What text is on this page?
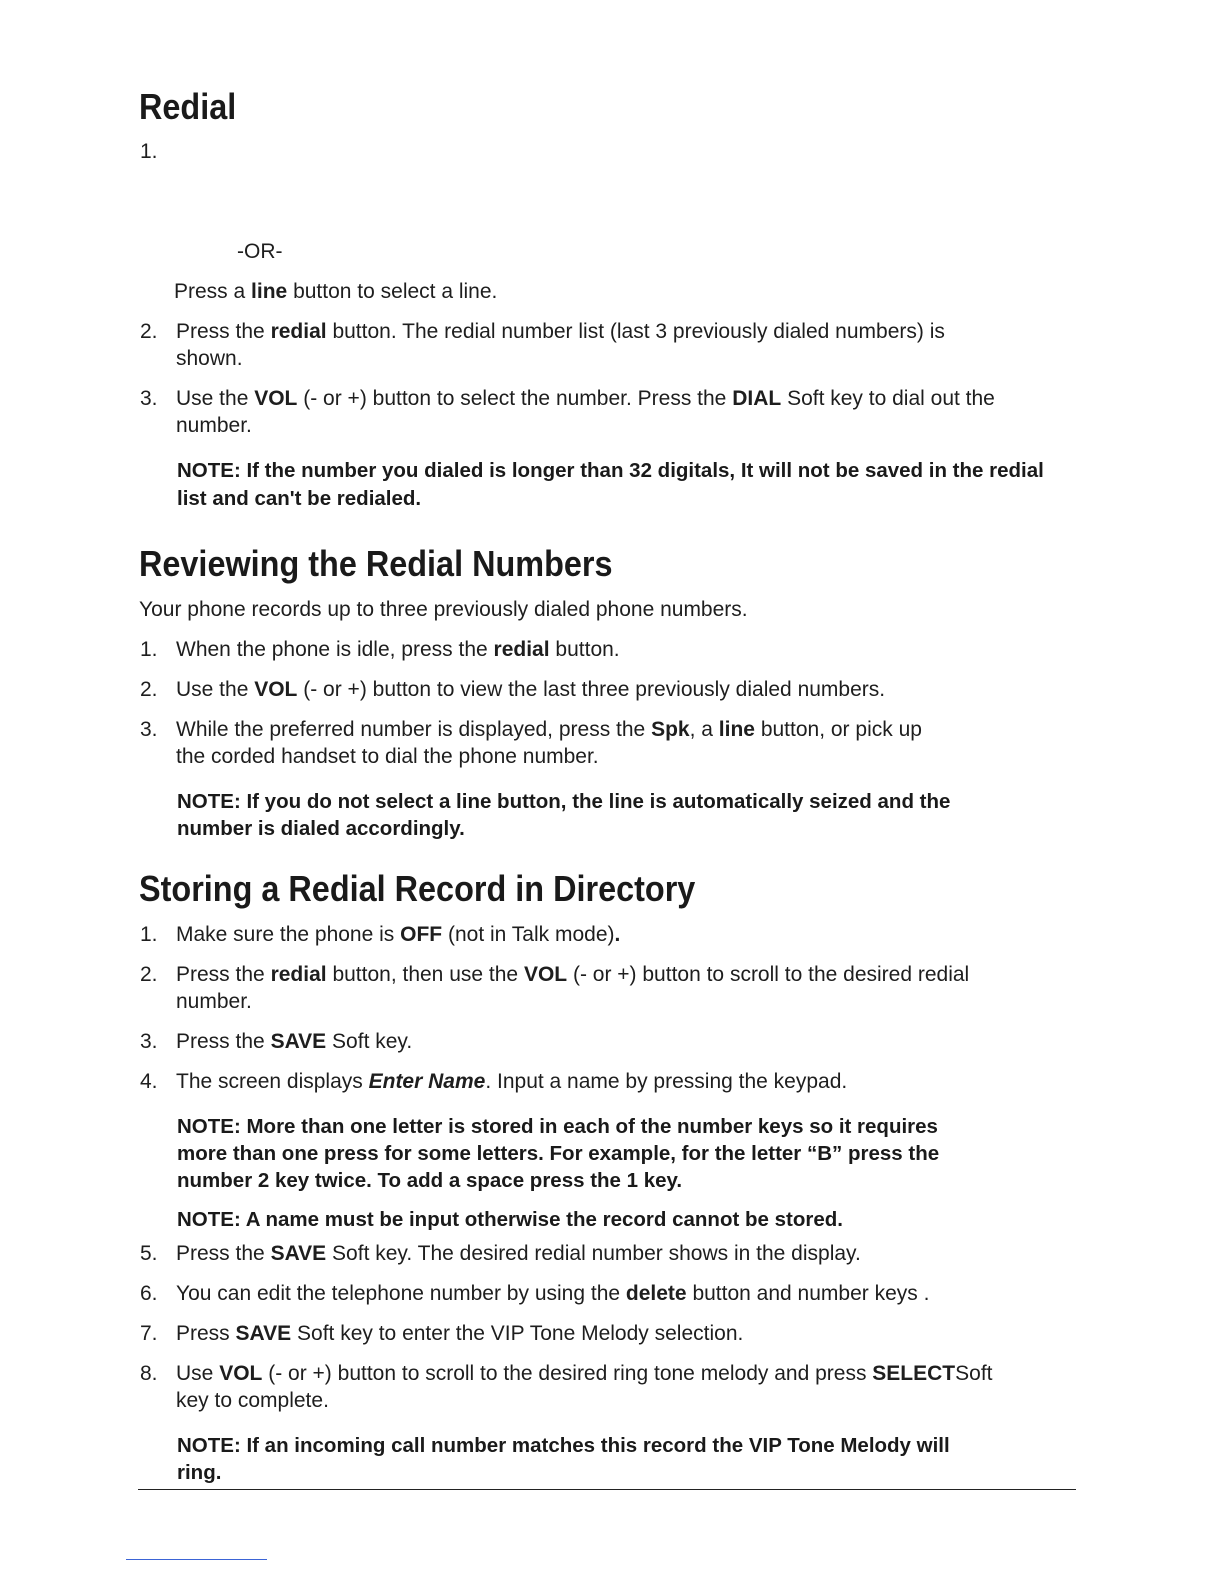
Redial
1.
-OR-
Press a line button to select a line.
2. Press the redial button. The redial number list (last 3 previously dialed numbers) is
shown.
3. Use the VOL (- or +) button to select the number. Press the DIAL Soft key to dial out the
number.
NOTE: If the number you dialed is longer than 32 digitals, It will not be saved in the redial
list and can't be redialed.
Reviewing the Redial Numbers
Your phone records up to three previously dialed phone numbers.
1. When the phone is idle, press the redial button.
2. Use the VOL (- or +) button to view the last three previously dialed numbers.
3. While the preferred number is displayed, press the Spk, a line button, or pick up
the corded handset to dial the phone number.
NOTE: If you do not select a line button, the line is automatically seized and the
number is dialed accordingly.
Storing a Redial Record in Directory
1. Make sure the phone is OFF (not in Talk mode).
2. Press the redial button, then use the VOL (- or +) button to scroll to the desired redial
number.
3. Press the SAVE Soft key.
4. The screen displays Enter Name. Input a name by pressing the keypad.
NOTE: More than one letter is stored in each of the number keys so it requires
more than one press for some letters. For example, for the letter “B” press the
number 2 key twice. To add a space press the 1 key.
NOTE: A name must be input otherwise the record cannot be stored.
5. Press the SAVE Soft key. The desired redial number shows in the display.
6. You can edit the telephone number by using the delete button and number keys .
7. Press SAVE Soft key to enter the VIP Tone Melody selection.
8. Use VOL (- or +) button to scroll to the desired ring tone melody and press SELECTSoft
key to complete.
NOTE: If an incoming call number matches this record the VIP Tone Melody will
ring.
